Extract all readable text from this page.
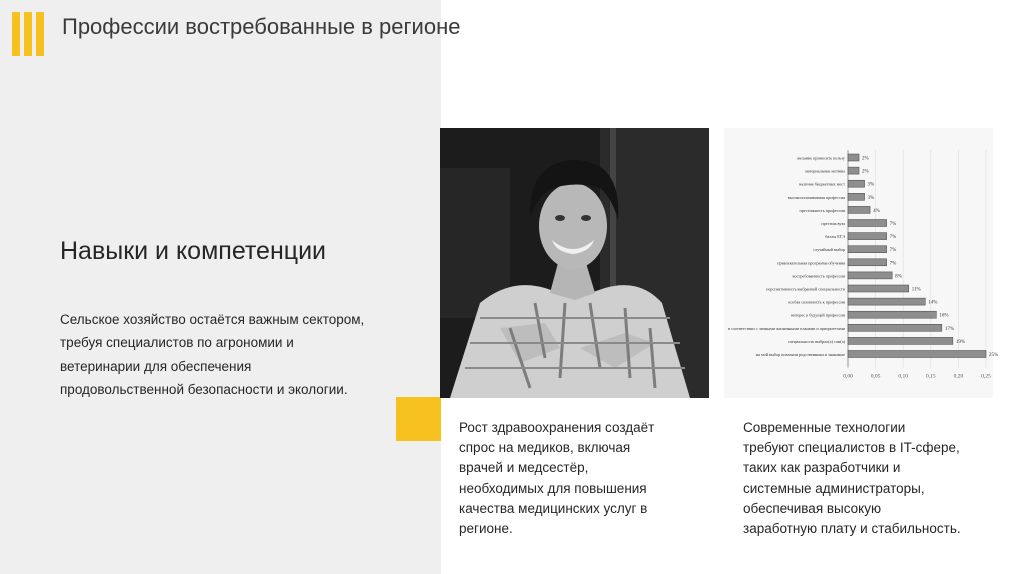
Профессии востребованные в регионе
Навыки и компетенции
Сельское хозяйство остаётся важным сектором,
требуя специалистов по агрономии и
ветеринарии для обеспечения
продовольственной безопасности и экологии.
0,00	0,05	0,10	0,15	0,20	0,25
желание приносить пользу	2%
материальные мотивы	2%
наличие бюджетных мест	3%
высокооплачиваемая профессия	3%
престижность профессии	4%
престиж вуза	7%
баллы ЕГЭ	7%
случайный выбор	7%
привлекательная программа обучения	7%
востребованность профессии	8%
перспективность выбранной специальности	11%
особая склонность к профессии	14%
интерес к будущей профессии	16%
в соответствии с личными жизненными планами и приоритетами	17%
специальность выбрал(а) сам(а)	19%
на мой выбор повлияли родственники и знакомые	25%
Рост здравоохранения создаёт
спрос на медиков, включая
врачей и медсестёр,
необходимых для повышения
качества медицинских услуг в
регионе.
Современные технологии
требуют специалистов в IT-сфере,
таких как разработчики и
системные администраторы,
обеспечивая высокую
заработную плату и стабильность.
